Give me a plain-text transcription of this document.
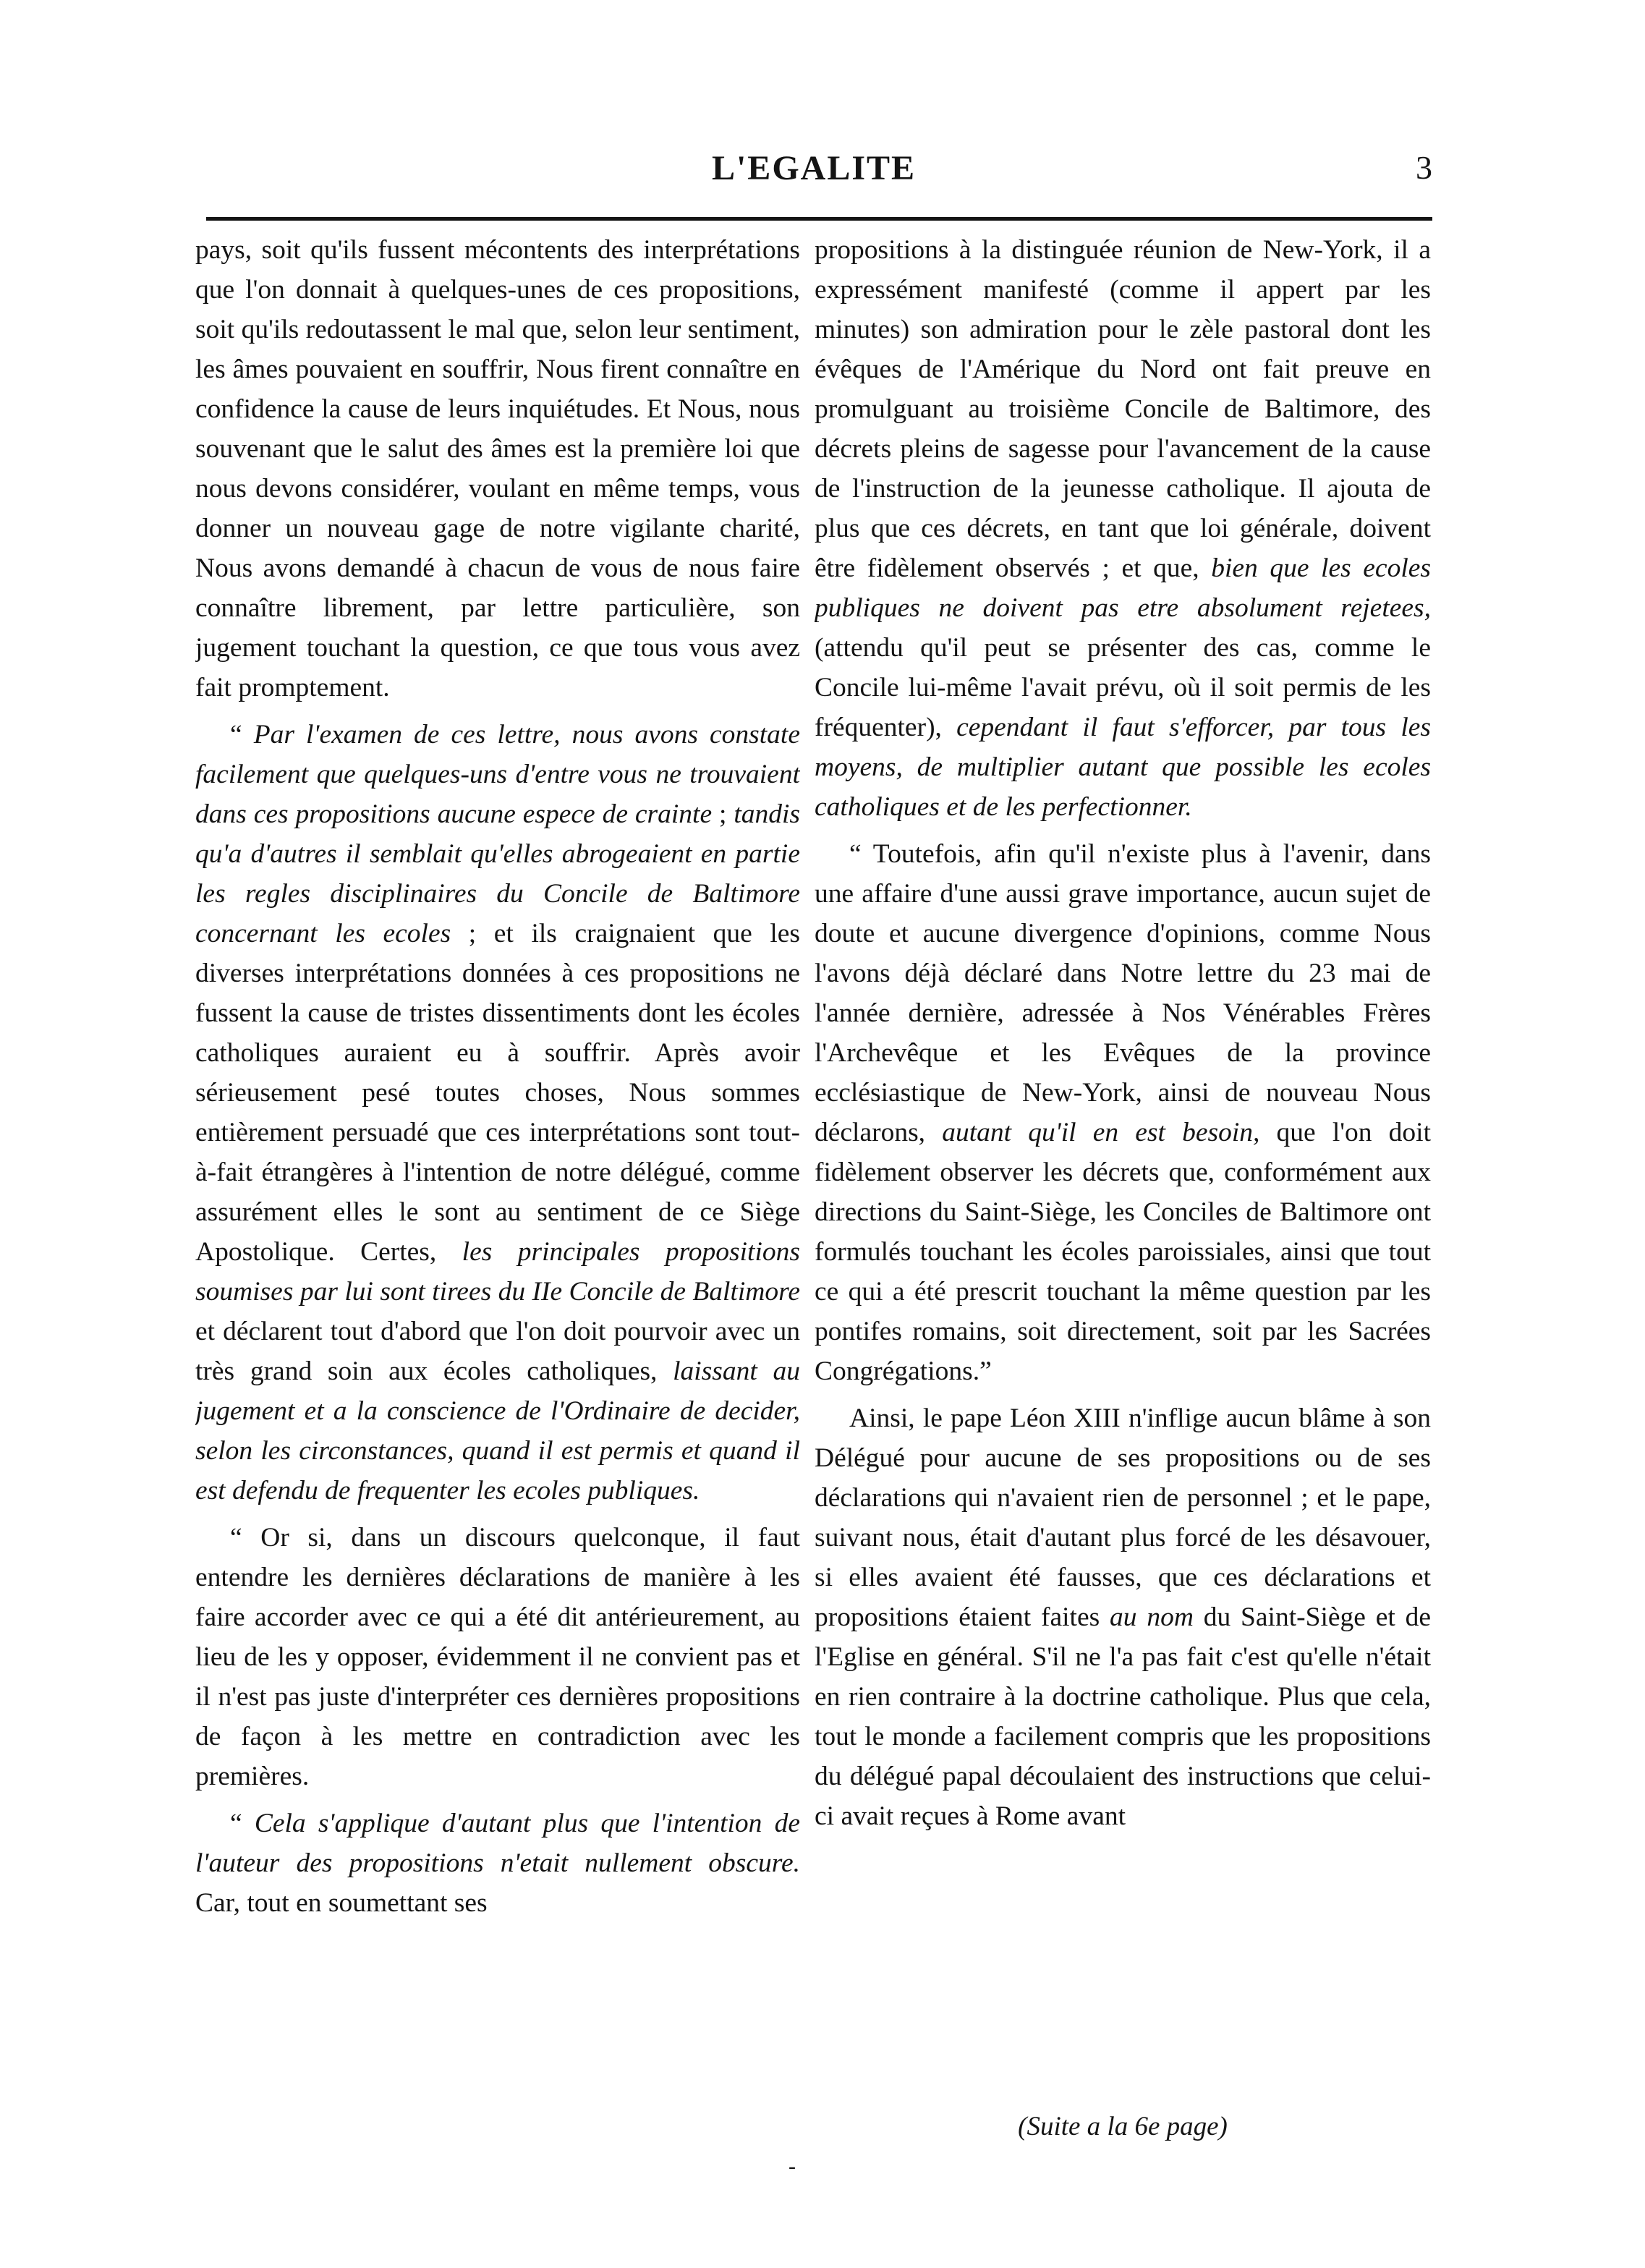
L'EGALITE	3

pays, soit qu'ils fussent mécontents des interprétations que l'on donnait à quelques-unes de ces propositions, soit qu'ils redoutassent le mal que, selon leur sentiment, les âmes pouvaient en souffrir, Nous firent connaître en confidence la cause de leurs inquiétudes. Et Nous, nous souvenant que le salut des âmes est la première loi que nous devons considérer, voulant en même temps, vous donner un nouveau gage de notre vigilante charité, Nous avons demandé à chacun de vous de nous faire connaître librement, par lettre particulière, son jugement touchant la question, ce que tous vous avez fait promptement.

“ Par l'examen de ces lettre, nous avons constate facilement que quelques-uns d'entre vous ne trouvaient dans ces propositions aucune espece de crainte ; tandis qu'a d'autres il semblait qu'elles abrogeaient en partie les regles disciplinaires du Concile de Baltimore concernant les ecoles ; et ils craignaient que les diverses interprétations données à ces propositions ne fussent la cause de tristes dissentiments dont les écoles catholiques auraient eu à souffrir. Après avoir sérieusement pesé toutes choses, Nous sommes entièrement persuadé que ces interprétations sont tout-à-fait étrangères à l'intention de notre délégué, comme assurément elles le sont au sentiment de ce Siège Apostolique. Certes, les principales propositions soumises par lui sont tirees du IIe Concile de Baltimore et déclarent tout d'abord que l'on doit pourvoir avec un très grand soin aux écoles catholiques, laissant au jugement et a la conscience de l'Ordinaire de decider, selon les circonstances, quand il est permis et quand il est defendu de frequenter les ecoles publiques.

“ Or si, dans un discours quelconque, il faut entendre les dernières déclarations de manière à les faire accorder avec ce qui a été dit antérieurement, au lieu de les y opposer, évidemment il ne convient pas et il n'est pas juste d'interpréter ces dernières propositions de façon à les mettre en contradiction avec les premières.

“ Cela s'applique d'autant plus que l'intention de l'auteur des propositions n'etait nullement obscure. Car, tout en soumettant ses

propositions à la distinguée réunion de New-York, il a expressément manifesté (comme il appert par les minutes) son admiration pour le zèle pastoral dont les évêques de l'Amérique du Nord ont fait preuve en promulguant au troisième Concile de Baltimore, des décrets pleins de sagesse pour l'avancement de la cause de l'instruction de la jeunesse catholique. Il ajouta de plus que ces décrets, en tant que loi générale, doivent être fidèlement observés ; et que, bien que les ecoles publiques ne doivent pas etre absolument rejetees, (attendu qu'il peut se présenter des cas, comme le Concile lui-même l'avait prévu, où il soit permis de les fréquenter), cependant il faut s'efforcer, par tous les moyens, de multiplier autant que possible les ecoles catholiques et de les perfectionner.

“ Toutefois, afin qu'il n'existe plus à l'avenir, dans une affaire d'une aussi grave importance, aucun sujet de doute et aucune divergence d'opinions, comme Nous l'avons déjà déclaré dans Notre lettre du 23 mai de l'année dernière, adressée à Nos Vénérables Frères l'Archevêque et les Evêques de la province ecclésiastique de New-York, ainsi de nouveau Nous déclarons, autant qu'il en est besoin, que l'on doit fidèlement observer les décrets que, conformément aux directions du Saint-Siège, les Conciles de Baltimore ont formulés touchant les écoles paroissiales, ainsi que tout ce qui a été prescrit touchant la même question par les pontifes romains, soit directement, soit par les Sacrées Congrégations.”

Ainsi, le pape Léon XIII n'inflige aucun blâme à son Délégué pour aucune de ses propositions ou de ses déclarations qui n'avaient rien de personnel ; et le pape, suivant nous, était d'autant plus forcé de les désavouer, si elles avaient été fausses, que ces déclarations et propositions étaient faites au nom du Saint-Siège et de l'Eglise en général. S'il ne l'a pas fait c'est qu'elle n'était en rien contraire à la doctrine catholique. Plus que cela, tout le monde a facilement compris que les propositions du délégué papal découlaient des instructions que celui-ci avait reçues à Rome avant

(Suite a la 6e page)
-
